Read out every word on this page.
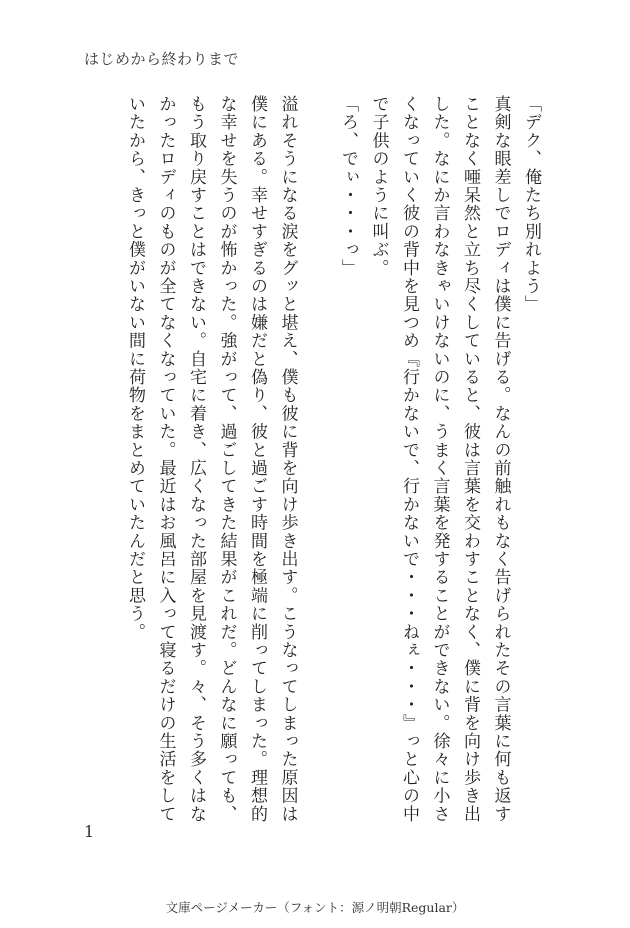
はじめから終わりまで

「デク、俺たち別れよう」

真剣な眼差しでロディは僕に告げる。なんの前触れもなく告げられたその言葉に何も返すことなく唖呆然と立ち尽くしていると、彼は言葉を交わすことなく、僕に背を向け歩き出した。なにか言わなきゃいけないのに、うまく言葉を発することができない。徐々に小さくなっていく彼の背中を見つめ『行かないで、行かないで・・・ねぇ・・・』っと心の中で子供のように叫ぶ。

「ろ、でぃ・・・っ」

溢れそうになる涙をグッと堪え、僕も彼に背を向け歩き出す。こうなってしまった原因は僕にある。幸せすぎるのは嫌だと偽り、彼と過ごす時間を極端に削ってしまった。理想的な幸せを失うのが怖かった。強がって、過ごしてきた結果がこれだ。どんなに願っても、もう取り戻すことはできない。自宅に着き、広くなった部屋を見渡す。々、そう多くはなかったロディのものが全てなくなっていた。最近はお風呂に入って寝るだけの生活をしていたから、きっと僕がいない間に荷物をまとめていたんだと思う。

1
文庫ページメーカー（フォント：源ノ明朝Regular）
